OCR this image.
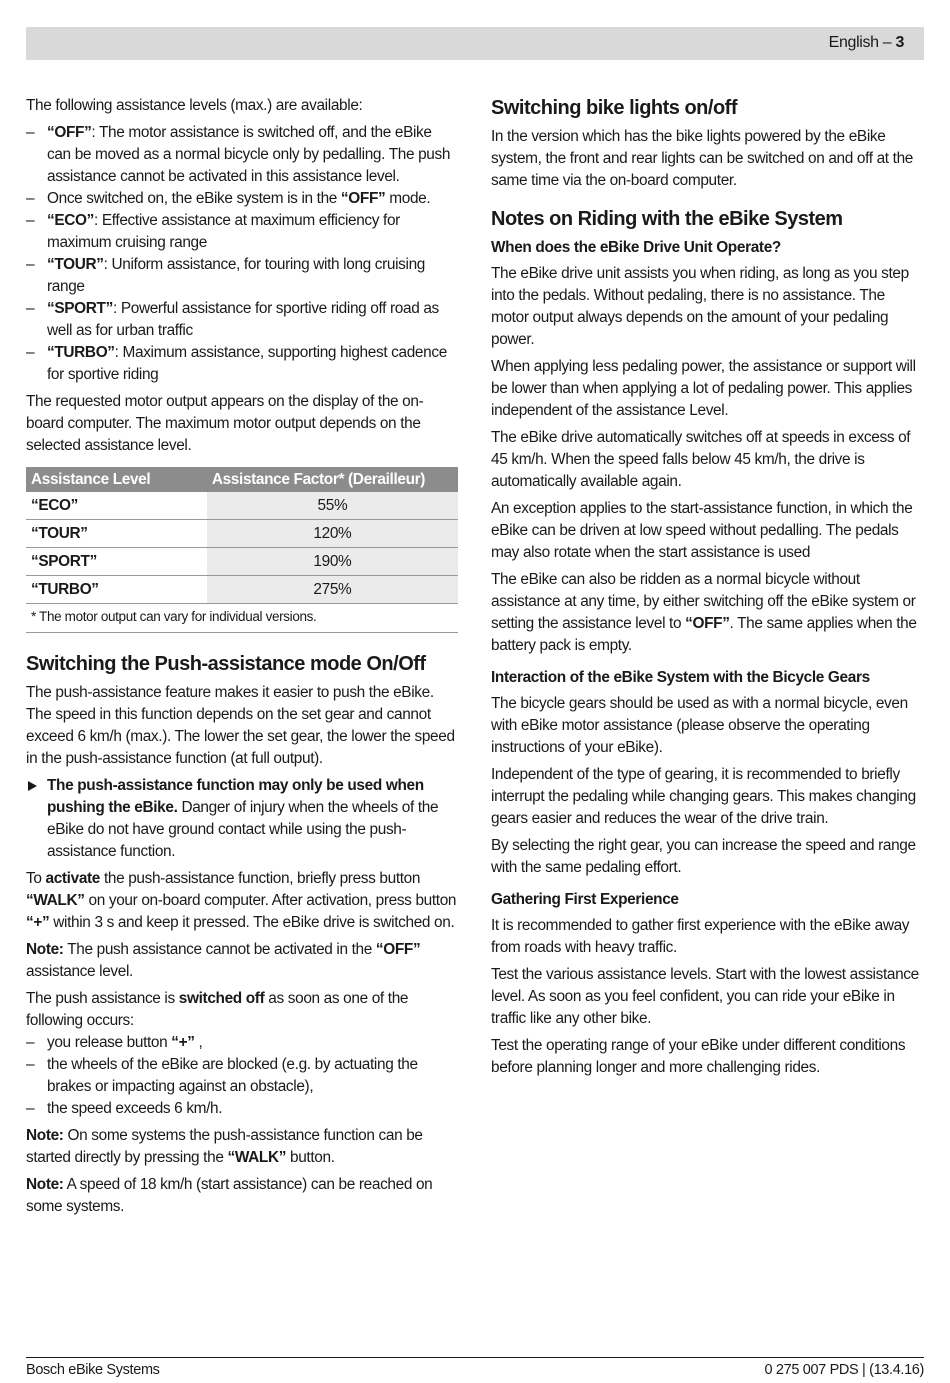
English – 3

The following assistance levels (max.) are available:

– “OFF”: The motor assistance is switched off, and the eBike can be moved as a normal bicycle only by pedalling. The push assistance cannot be activated in this assistance level.
– Once switched on, the eBike system is in the “OFF” mode.
– “ECO”: Effective assistance at maximum efficiency for maximum cruising range
– “TOUR”: Uniform assistance, for touring with long cruising range
– “SPORT”: Powerful assistance for sportive riding off road as well as for urban traffic
– “TURBO”: Maximum assistance, supporting highest cadence for sportive riding

The requested motor output appears on the display of the on-board computer. The maximum motor output depends on the selected assistance level.

Assistance Level	Assistance Factor* (Derailleur)
“ECO”	55%
“TOUR”	120%
“SPORT”	190%
“TURBO”	275%
* The motor output can vary for individual versions.
Switching the Push-assistance mode On/Off

The push-assistance feature makes it easier to push the eBike. The speed in this function depends on the set gear and cannot exceed 6 km/h (max.). The lower the set gear, the lower the speed in the push-assistance function (at full output).

The push-assistance function may only be used when pushing the eBike. Danger of injury when the wheels of the eBike do not have ground contact while using the push-assistance function.

To activate the push-assistance function, briefly press button “WALK” on your on-board computer. After activation, press button “+” within 3 s and keep it pressed. The eBike drive is switched on.

Note: The push assistance cannot be activated in the “OFF” assistance level.

The push assistance is switched off as soon as one of the following occurs:

– you release button “+” ,
– the wheels of the eBike are blocked (e.g. by actuating the brakes or impacting against an obstacle),
– the speed exceeds 6 km/h.

Note: On some systems the push-assistance function can be started directly by pressing the “WALK” button.

Note: A speed of 18 km/h (start assistance) can be reached on some systems.

Switching bike lights on/off

In the version which has the bike lights powered by the eBike system, the front and rear lights can be switched on and off at the same time via the on-board computer.

Notes on Riding with the eBike System
When does the eBike Drive Unit Operate?

The eBike drive unit assists you when riding, as long as you step into the pedals. Without pedaling, there is no assistance. The motor output always depends on the amount of your pedaling power.

When applying less pedaling power, the assistance or support will be lower than when applying a lot of pedaling power. This applies independent of the assistance Level.

The eBike drive automatically switches off at speeds in excess of 45 km/h. When the speed falls below 45 km/h, the drive is automatically available again.

An exception applies to the start-assistance function, in which the eBike can be driven at low speed without pedalling. The pedals may also rotate when the start assistance is used

The eBike can also be ridden as a normal bicycle without assistance at any time, by either switching off the eBike system or setting the assistance level to “OFF”. The same applies when the battery pack is empty.

Interaction of the eBike System with the Bicycle Gears

The bicycle gears should be used as with a normal bicycle, even with eBike motor assistance (please observe the operating instructions of your eBike).

Independent of the type of gearing, it is recommended to briefly interrupt the pedaling while changing gears. This makes changing gears easier and reduces the wear of the drive train.

By selecting the right gear, you can increase the speed and range with the same pedaling effort.

Gathering First Experience

It is recommended to gather first experience with the eBike away from roads with heavy traffic.

Test the various assistance levels. Start with the lowest assistance level. As soon as you feel confident, you can ride your eBike in traffic like any other bike.

Test the operating range of your eBike under different conditions before planning longer and more challenging rides.

Bosch eBike Systems	0 275 007 PDS | (13.4.16)
